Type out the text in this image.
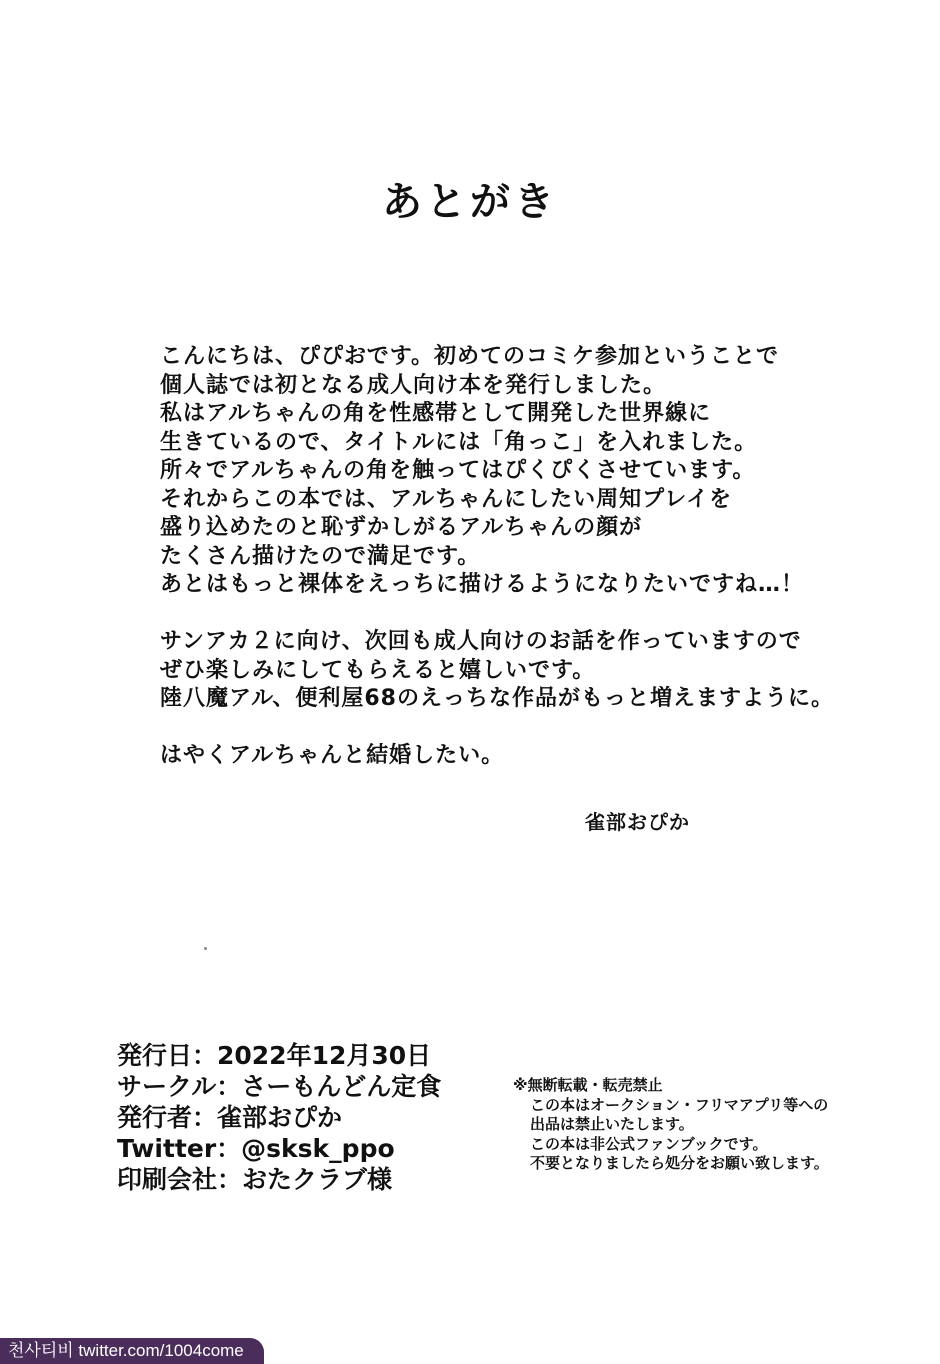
あとがき
こんにちは、ぴぴおです。初めてのコミケ参加ということで
個人誌では初となる成人向け本を発行しました。
私はアルちゃんの角を性感帯として開発した世界線に
生きているので、タイトルには「角っこ」を入れました。
所々でアルちゃんの角を触ってはぴくぴくさせています。
それからこの本では、アルちゃんにしたい周知プレイを
盛り込めたのと恥ずかしがるアルちゃんの顔が
たくさん描けたので満足です。
あとはもっと裸体をえっちに描けるようになりたいですね…！
サンアカ２に向け、次回も成人向けのお話を作っていますので
ぜひ楽しみにしてもらえると嬉しいです。
陸八魔アル、便利屋68のえっちな作品がもっと増えますように。
はやくアルちゃんと結婚したい。
雀部おぴか
発行日：2022年12月30日
サークル：さーもんどん定食
発行者：雀部おぴか
Twitter：@sksk_ppo
印刷会社：おたクラブ様
※無断転載・転売禁止
この本はオークション・フリマアプリ等への
出品は禁止いたします。
この本は非公式ファンブックです。
不要となりましたら処分をお願い致します。
천사티비 twitter.com/1004come
